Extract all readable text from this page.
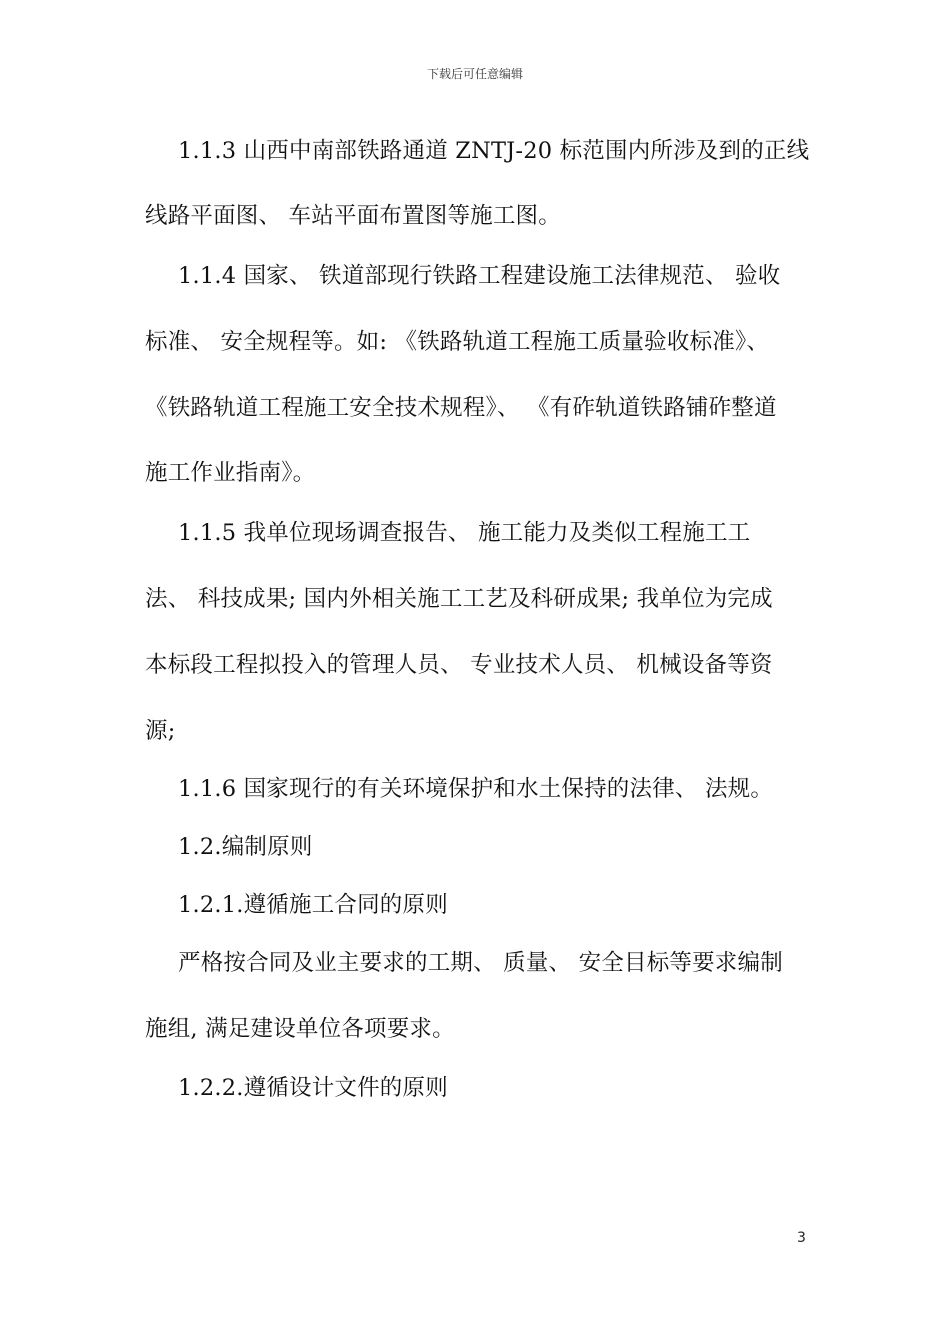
下载后可任意编辑
1.1.3 山西中南部铁路通道 ZNTJ-20 标范围内所涉及到的正线
线路平面图、 车站平面布置图等施工图。
1.1.4 国家、 铁道部现行铁路工程建设施工法律规范、 验收
标准、 安全规程等。如: 《铁路轨道工程施工质量验收标准》、
《铁路轨道工程施工安全技术规程》、 《有砟轨道铁路铺砟整道
施工作业指南》。
1.1.5 我单位现场调查报告、 施工能力及类似工程施工工
法、 科技成果; 国内外相关施工工艺及科研成果; 我单位为完成
本标段工程拟投入的管理人员、 专业技术人员、 机械设备等资
源;
1.1.6 国家现行的有关环境保护和水土保持的法律、 法规。
1.2.编制原则
1.2.1.遵循施工合同的原则
严格按合同及业主要求的工期、 质量、 安全目标等要求编制
施组, 满足建设单位各项要求。
1.2.2.遵循设计文件的原则
3
